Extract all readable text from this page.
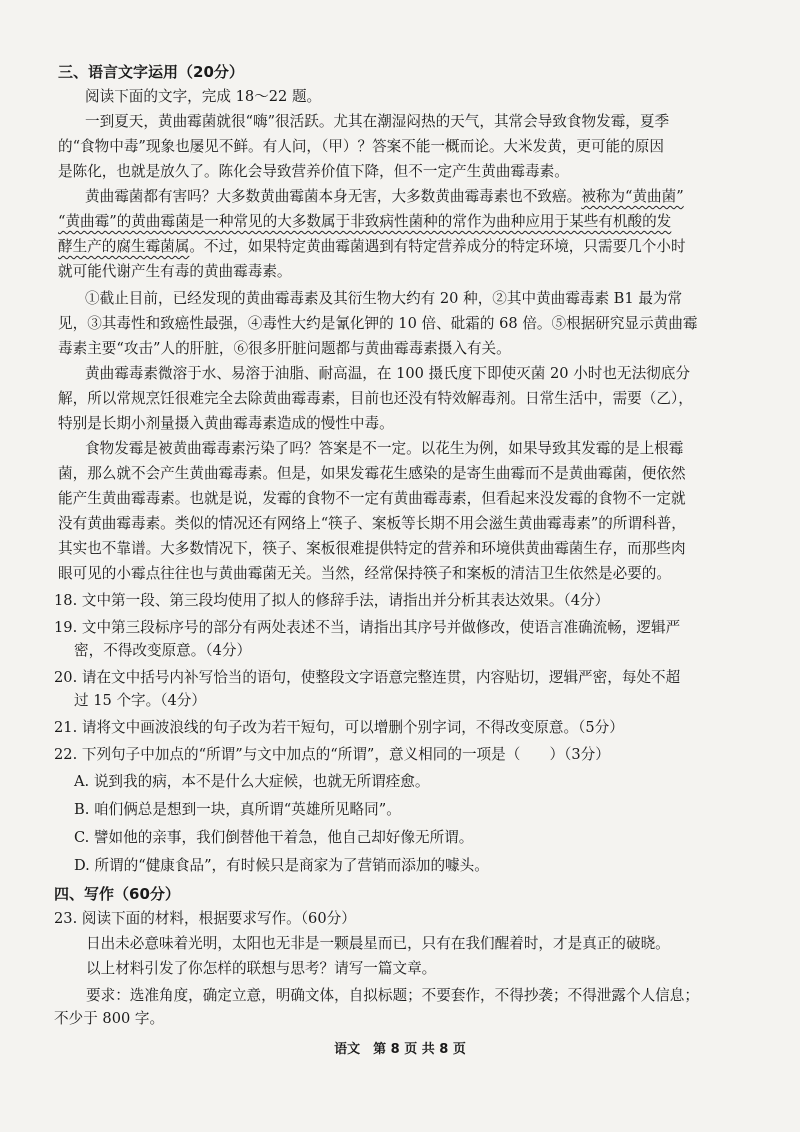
三、语言文字运用（20分）
阅读下面的文字，完成 18～22 题。
一到夏天，黄曲霉菌就很“嗨”很活跃。尤其在潮湿闷热的天气，其常会导致食物发霉，夏季
的“食物中毒”现象也屡见不鲜。有人问，（甲）？答案不能一概而论。大米发黄，更可能的原因
是陈化，也就是放久了。陈化会导致营养价值下降，但不一定产生黄曲霉毒素。
黄曲霉菌都有害吗？大多数黄曲霉菌本身无害，大多数黄曲霉毒素也不致癌。被称为“黄曲菌”
“黄曲霉”的黄曲霉菌是一种常见的大多数属于非致病性菌种的常作为曲种应用于某些有机酸的发
酵生产的腐生霉菌属。不过，如果特定黄曲霉菌遇到有特定营养成分的特定环境，只需要几个小时
就可能代谢产生有毒的黄曲霉毒素。
①截止目前，已经发现的黄曲霉毒素及其衍生物大约有 20 种，②其中黄曲霉毒素 B1 最为常
见，③其毒性和致癌性最强，④毒性大约是氰化钾的 10 倍、砒霜的 68 倍。⑤根据研究显示黄曲霉
毒素主要“攻击”人的肝脏，⑥很多肝脏问题都与黄曲霉毒素摄入有关。
黄曲霉毒素微溶于水、易溶于油脂、耐高温，在 100 摄氏度下即使灭菌 20 小时也无法彻底分
解，所以常规烹饪很难完全去除黄曲霉毒素，目前也还没有特效解毒剂。日常生活中，需要（乙），
特别是长期小剂量摄入黄曲霉毒素造成的慢性中毒。
食物发霉是被黄曲霉毒素污染了吗？答案是不一定。以花生为例，如果导致其发霉的是上根霉
菌，那么就不会产生黄曲霉毒素。但是，如果发霉花生感染的是寄生曲霉而不是黄曲霉菌，便依然
能产生黄曲霉毒素。也就是说，发霉的食物不一定有黄曲霉毒素，但看起来没发霉的食物不一定就
没有黄曲霉毒素。类似的情况还有网络上“筷子、案板等长期不用会滋生黄曲霉毒素”的所谓科普，
其实也不靠谱。大多数情况下，筷子、案板很难提供特定的营养和环境供黄曲霉菌生存，而那些肉
眼可见的小霉点往往也与黄曲霉菌无关。当然，经常保持筷子和案板的清洁卫生依然是必要的。
18. 文中第一段、第三段均使用了拟人的修辞手法，请指出并分析其表达效果。（4分）
19. 文中第三段标序号的部分有两处表述不当，请指出其序号并做修改，使语言准确流畅，逻辑严
密，不得改变原意。（4分）
20. 请在文中括号内补写恰当的语句，使整段文字语意完整连贯，内容贴切，逻辑严密，每处不超
过 15 个字。（4分）
21. 请将文中画波浪线的句子改为若干短句，可以增删个别字词，不得改变原意。（5分）
22. 下列句子中加点的“所谓”与文中加点的“所谓”，意义相同的一项是（　　）（3分）
A. 说到我的病，本不是什么大症候，也就无所谓痊愈。
B. 咱们俩总是想到一块，真所谓“英雄所见略同”。
C. 譬如他的亲事，我们倒替他干着急，他自己却好像无所谓。
D. 所谓的“健康食品”，有时候只是商家为了营销而添加的噱头。
四、写作（60分）
23. 阅读下面的材料，根据要求写作。（60分）
日出未必意味着光明，太阳也无非是一颗晨星而已，只有在我们醒着时，才是真正的破晓。
以上材料引发了你怎样的联想与思考？请写一篇文章。
要求：选准角度，确定立意，明确文体，自拟标题；不要套作，不得抄袭；不得泄露个人信息；
不少于 800 字。
语文　第 8 页 共 8 页
